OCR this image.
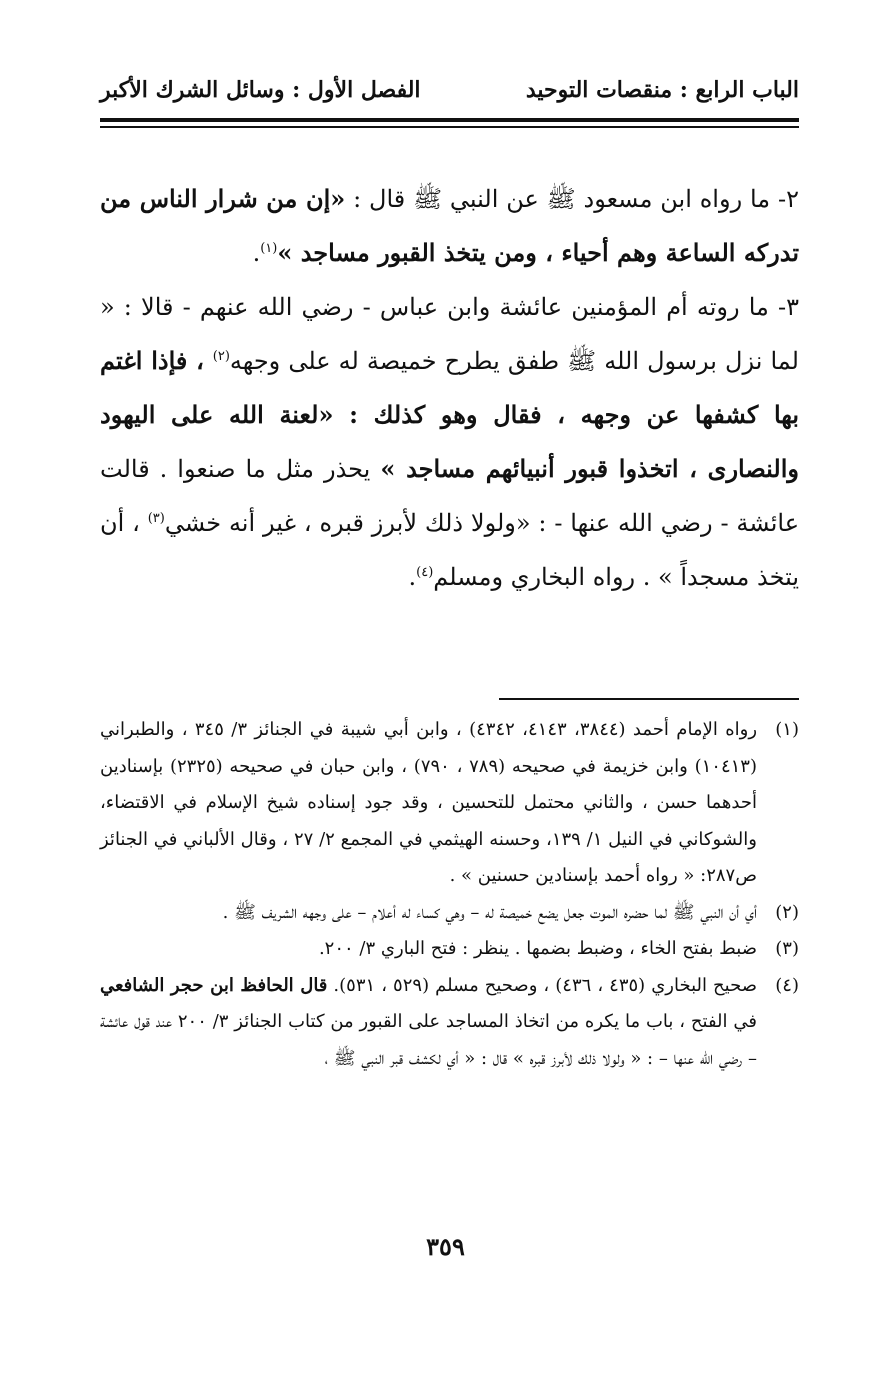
الباب الرابع : منقصات التوحيد
الفصل الأول : وسائل الشرك الأكبر

٢- ما رواه ابن مسعود ﷺ عن النبي ﷺ قال : «إن من شرار الناس من تدركه الساعة وهم أحياء ، ومن يتخذ القبور مساجد »$^{(١)}$.

٣- ما روته أم المؤمنين عائشة وابن عباس - رضي الله عنهم - قالا : « لما نزل برسول الله ﷺ طفق يطرح خميصة له على وجهه$^{(٢)}$ ، فإذا اغتم بها كشفها عن وجهه ، فقال وهو كذلك : «لعنة الله على اليهود والنصارى ، اتخذوا قبور أنبيائهم مساجد » يحذر مثل ما صنعوا . قالت عائشة - رضي الله عنها - : «ولولا ذلك لأبرز قبره ، غير أنه خشي$^{(٣)}$ ، أن يتخذ مسجداً » . رواه البخاري ومسلم$^{(٤)}$.

(١)
رواه الإمام أحمد (٣٨٤٤، ٤١٤٣، ٤٣٤٢) ، وابن أبي شيبة في الجنائز ٣/ ٣٤٥ ، والطبراني (١٠٤١٣) وابن خزيمة في صحيحه (٧٨٩ ، ٧٩٠) ، وابن حبان في صحيحه (٢٣٢٥) بإسنادين أحدهما حسن ، والثاني محتمل للتحسين ، وقد جود إسناده شيخ الإسلام في الاقتضاء، والشوكاني في النيل ١/ ١٣٩، وحسنه الهيثمي في المجمع ٢/ ٢٧ ، وقال الألباني في الجنائز ص٢٨٧: « رواه أحمد بإسنادين حسنين » .

(٢)
أي أن النبي ﷺ لما حضره الموت جعل يضع خميصة له – وهي كساء له أعلام – على وجهه الشريف ﷺ .

(٣)
ضبط بفتح الخاء ، وضبط بضمها . ينظر : فتح الباري ٣/ ٢٠٠.

(٤)
صحيح البخاري (٤٣٥ ، ٤٣٦) ، وصحيح مسلم (٥٢٩ ، ٥٣١). قال الحافظ ابن حجر الشافعي في الفتح ، باب ما يكره من اتخاذ المساجد على القبور من كتاب الجنائز ٣/ ٢٠٠ عند قول عائشة – رضي الله عنها – : « ولولا ذلك لأبرز قبره » قال : « أي لكشف قبر النبي ﷺ ،

٣٥٩
